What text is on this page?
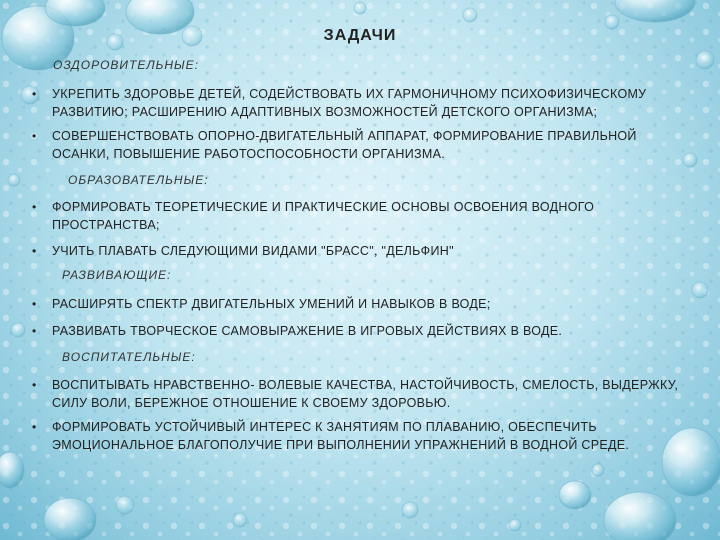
ЗАДАЧИ
ОЗДОРОВИТЕЛЬНЫЕ:
•	УКРЕПИТЬ ЗДОРОВЬЕ ДЕТЕЙ, СОДЕЙСТВОВАТЬ ИХ ГАРМОНИЧНОМУ ПСИХОФИЗИЧЕСКОМУ РАЗВИТИЮ; РАСШИРЕНИЮ АДАПТИВНЫХ ВОЗМОЖНОСТЕЙ ДЕТСКОГО ОРГАНИЗМА;
•	СОВЕРШЕНСТВОВАТЬ ОПОРНО-ДВИГАТЕЛЬНЫЙ АППАРАТ, ФОРМИРОВАНИЕ ПРАВИЛЬНОЙ ОСАНКИ, ПОВЫШЕНИЕ РАБОТОСПОСОБНОСТИ ОРГАНИЗМА.
ОБРАЗОВАТЕЛЬНЫЕ:
•	ФОРМИРОВАТЬ ТЕОРЕТИЧЕСКИЕ И ПРАКТИЧЕСКИЕ ОСНОВЫ ОСВОЕНИЯ ВОДНОГО ПРОСТРАНСТВА;
•	УЧИТЬ ПЛАВАТЬ СЛЕДУЮЩИМИ ВИДАМИ "БРАСС", "ДЕЛЬФИН"
РАЗВИВАЮЩИЕ:
•	РАСШИРЯТЬ СПЕКТР ДВИГАТЕЛЬНЫХ УМЕНИЙ И НАВЫКОВ В ВОДЕ;
•	РАЗВИВАТЬ ТВОРЧЕСКОЕ САМОВЫРАЖЕНИЕ В ИГРОВЫХ ДЕЙСТВИЯХ В ВОДЕ.
ВОСПИТАТЕЛЬНЫЕ:
•	ВОСПИТЫВАТЬ НРАВСТВЕННО- ВОЛЕВЫЕ КАЧЕСТВА, НАСТОЙЧИВОСТЬ, СМЕЛОСТЬ, ВЫДЕРЖКУ, СИЛУ ВОЛИ, БЕРЕЖНОЕ ОТНОШЕНИЕ К СВОЕМУ ЗДОРОВЬЮ.
•	ФОРМИРОВАТЬ УСТОЙЧИВЫЙ ИНТЕРЕС К ЗАНЯТИЯМ ПО ПЛАВАНИЮ, ОБЕСПЕЧИТЬ ЭМОЦИОНАЛЬНОЕ БЛАГОПОЛУЧИЕ ПРИ ВЫПОЛНЕНИИ УПРАЖНЕНИЙ В ВОДНОЙ СРЕДЕ.
